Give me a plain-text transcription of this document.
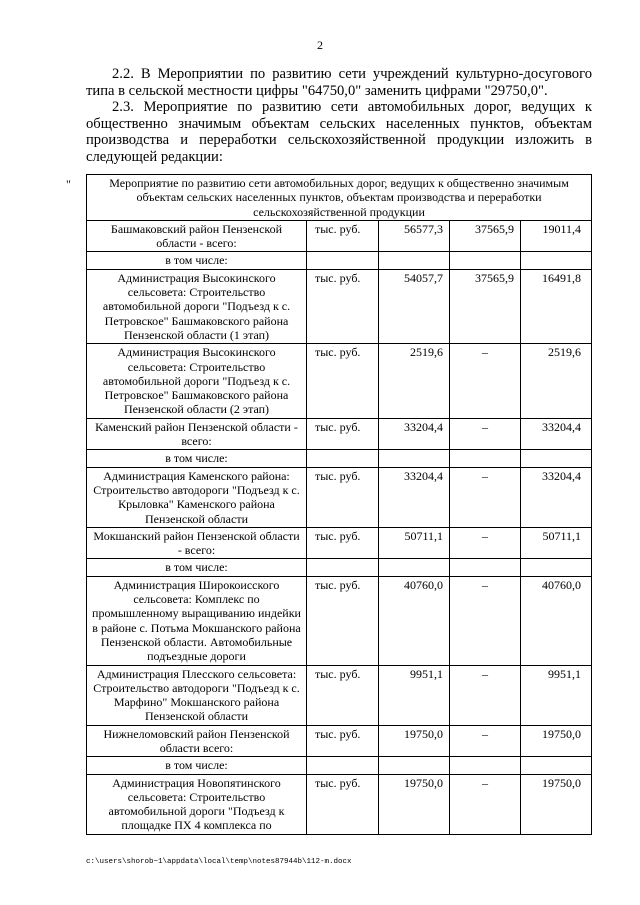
2
2.2. В Мероприятии по развитию сети учреждений культурно-досугового типа в сельской местности цифры "64750,0" заменить цифрами "29750,0".
2.3. Мероприятие по развитию сети автомобильных дорог, ведущих к общественно значимым объектам сельских населенных пунктов, объектам производства и переработки сельскохозяйственной продукции изложить в следующей редакции:
"	Мероприятие по развитию сети автомобильных дорог, ведущих к общественно значимым объектам сельских населенных пунктов, объектам производства и переработки сельскохозяйственной продукции				
Башмаковский район Пензенской области - всего:	тыс. руб.	56577,3	37565,9	19011,4
в том числе:				
Администрация Высокинского сельсовета: Строительство автомобильной дороги "Подъезд к с. Петровское" Башмаковского района Пензенской области (1 этап)	тыс. руб.	54057,7	37565,9	16491,8
Администрация Высокинского сельсовета: Строительство автомобильной дороги "Подъезд к с. Петровское" Башмаковского района Пензенской области (2 этап)	тыс. руб.	2519,6	–	2519,6
Каменский район Пензенской области - всего:	тыс. руб.	33204,4	–	33204,4
в том числе:				
Администрация Каменского района: Строительство автодороги "Подъезд к с. Крыловка" Каменского района Пензенской области	тыс. руб.	33204,4	–	33204,4
Мокшанский район Пензенской области - всего:	тыс. руб.	50711,1	–	50711,1
в том числе:				
Администрация Широкоисского сельсовета: Комплекс по промышленному выращиванию индейки в районе с. Потьма Мокшанского района Пензенской области. Автомобильные подъездные дороги	тыс. руб.	40760,0	–	40760,0
Администрация Плесского сельсовета: Строительство автодороги "Подъезд к с. Марфино" Мокшанского района Пензенской области	тыс. руб.	9951,1	–	9951,1
Нижнеломовский район Пензенской области всего:	тыс. руб.	19750,0	–	19750,0
в том числе:				
Администрация Новопятинского сельсовета: Строительство автомобильной дороги "Подъезд к площадке ПХ 4 комплекса по	тыс. руб.	19750,0	–	19750,0
c:\users\shorob~1\appdata\local\temp\notes87944b\112-m.docx
